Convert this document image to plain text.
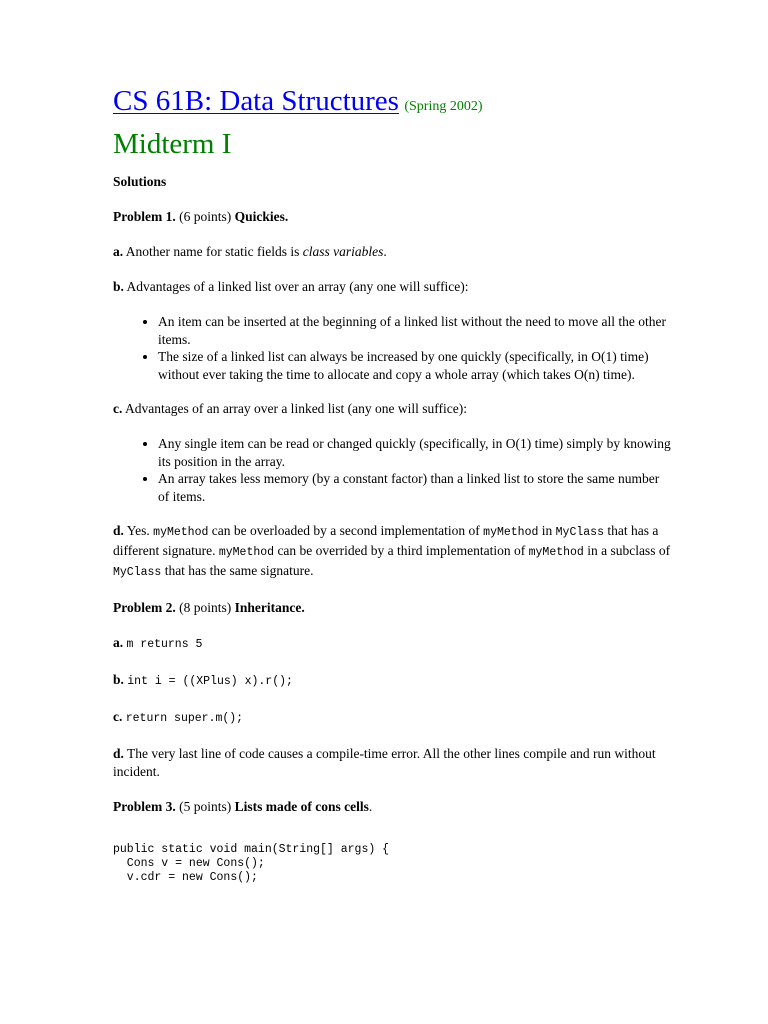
CS 61B: Data Structures (Spring 2002)
Midterm I

Solutions

Problem 1. (6 points) Quickies.

a. Another name for static fields is class variables.

b. Advantages of a linked list over an array (any one will suffice):

• An item can be inserted at the beginning of a linked list without the need to move all the other items.
• The size of a linked list can always be increased by one quickly (specifically, in O(1) time) without ever taking the time to allocate and copy a whole array (which takes O(n) time).

c. Advantages of an array over a linked list (any one will suffice):

• Any single item can be read or changed quickly (specifically, in O(1) time) simply by knowing its position in the array.
• An array takes less memory (by a constant factor) than a linked list to store the same number of items.

d. Yes. myMethod can be overloaded by a second implementation of myMethod in MyClass that has a different signature. myMethod can be overrided by a third implementation of myMethod in a subclass of MyClass that has the same signature.

Problem 2. (8 points) Inheritance.

a. m returns 5

b. int i = ((XPlus) x).r();

c. return super.m();

d. The very last line of code causes a compile-time error. All the other lines compile and run without incident.

Problem 3. (5 points) Lists made of cons cells.

public static void main(String[] args) {
Cons v = new Cons();
v.cdr = new Cons();
